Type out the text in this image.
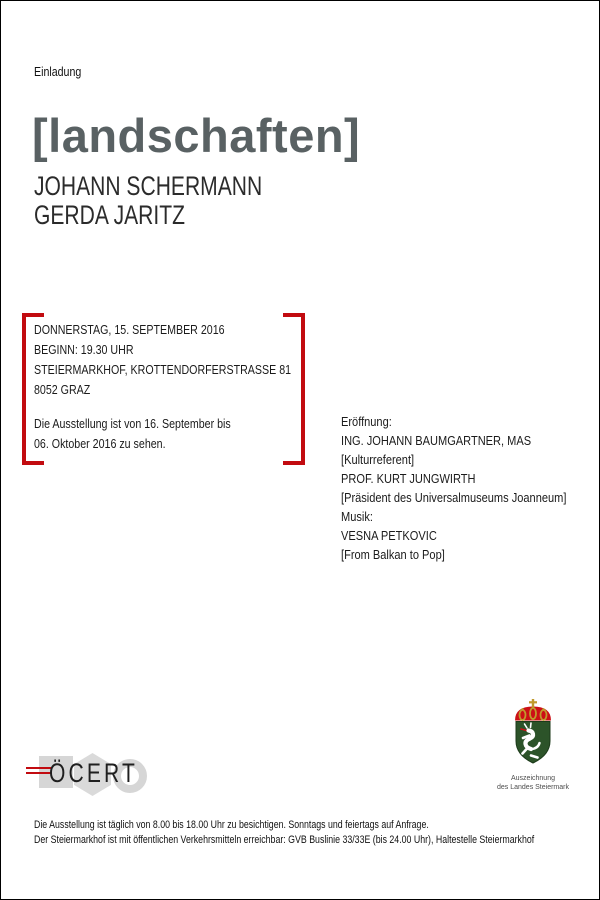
Einladung
[landschaften]
JOHANN SCHERMANN
GERDA JARITZ
DONNERSTAG, 15. SEPTEMBER 2016
BEGINN: 19.30 UHR
STEIERMARKHOF, KROTTENDORFERSTRASSE 81
8052 GRAZ
Die Ausstellung ist von 16. September bis
06. Oktober 2016 zu sehen.

Eröffnung:

ING. JOHANN BAUMGARTNER, MAS
[Kulturreferent]

PROF. KURT JUNGWIRTH
[Präsident des Universalmuseums Joanneum]

Musik:
VESNA PETKOVIC
[From Balkan to Pop]

ÖCERT	Auszeichnung
des Landes Steiermark
Die Ausstellung ist täglich von 8.00 bis 18.00 Uhr zu besichtigen. Sonntags und feiertags auf Anfrage.
Der Steiermarkhof ist mit öffentlichen Verkehrsmitteln erreichbar: GVB Buslinie 33/33E (bis 24.00 Uhr), Haltestelle Steiermarkhof
